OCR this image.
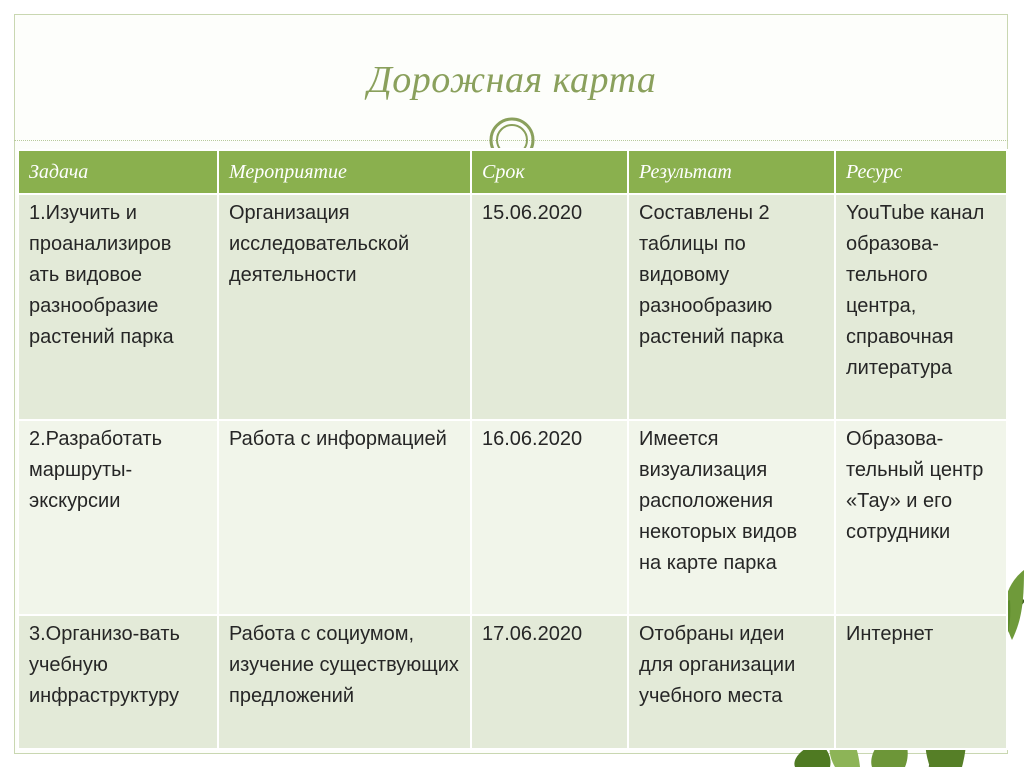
Дорожная карта
Задача	Мероприятие	Срок	Результат	Ресурс
1.Изучить и проанализиров ать видовое разнообразие растений парка	Организация исследовательской деятельности	15.06.2020	Составлены 2 таблицы по видовому разнообразию растений парка	YouTube канал образова-тельного центра, справочная литература
2.Разработать маршруты-экскурсии	Работа с информацией	16.06.2020	Имеется визуализация расположения некоторых видов на карте парка	Образова-тельный центр «Тау» и его сотрудники
3.Организо-вать учебную инфраструктуру	Работа с социумом, изучение существующих предложений	17.06.2020	Отобраны идеи для организации учебного места	Интернет
